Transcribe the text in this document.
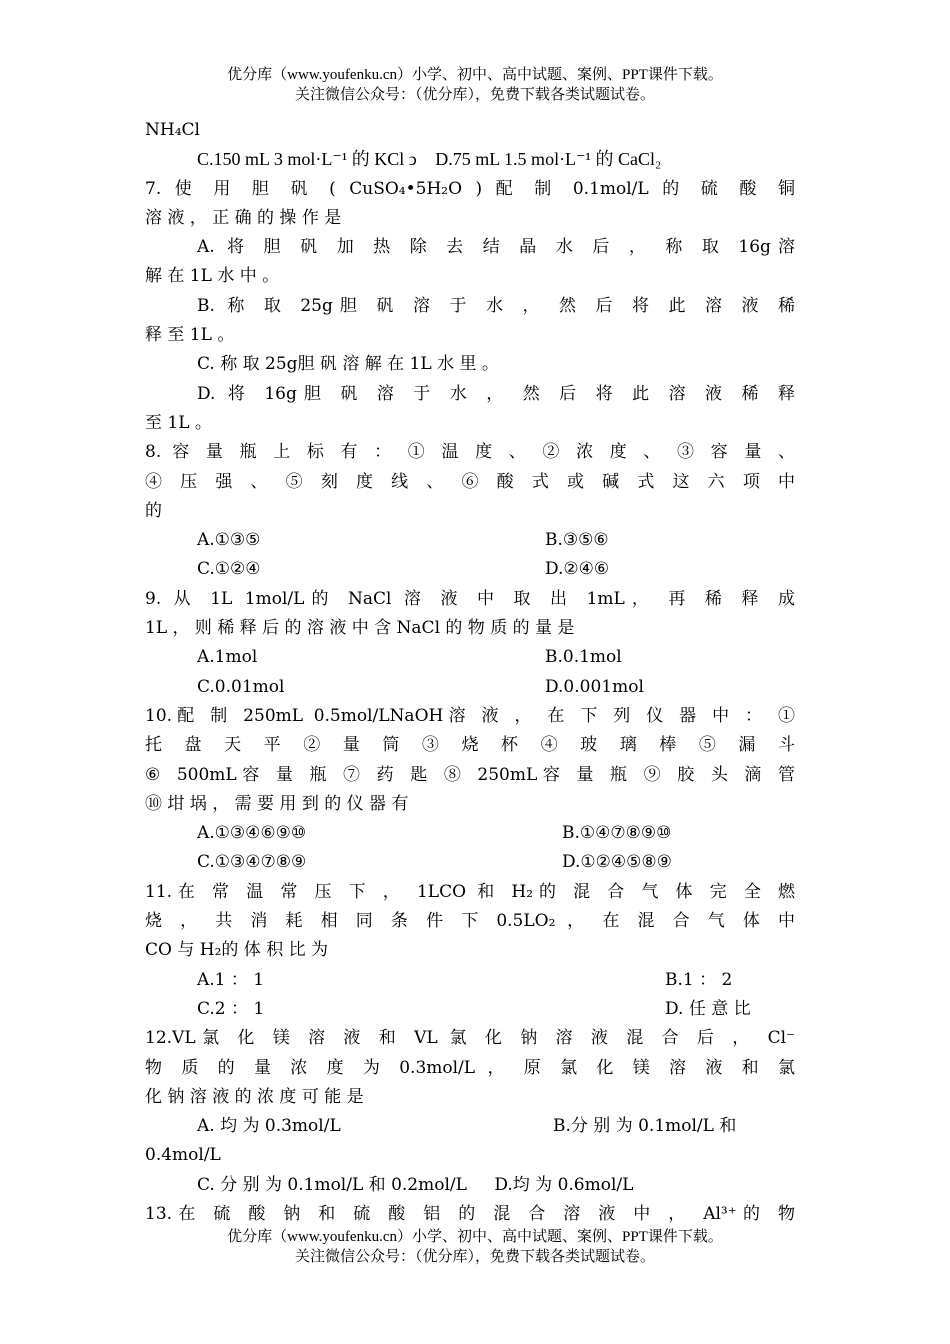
优分库（www.youfenku.cn）小学、初中、高中试题、案例、PPT课件下载。
关注微信公众号：（优分库），免费下载各类试题试卷。
NH₄Cl
C.150 mL 3 mol·L⁻¹ 的 KCl ↄ D.75 mL 1.5 mol·L⁻¹ 的 CaCl₂
7. 使 用 胆 矾 ( CuSO₄•5H₂O ) 配 制 0.1mol/L 的 硫 酸 铜
溶 液 ， 正 确 的 操 作 是
A. 将 胆 矾 加 热 除 去 结 晶 水 后 ， 称 取 16g溶
解 在 1L 水 中 。
B. 称 取 25g胆 矾 溶 于 水 ， 然 后 将 此 溶 液 稀
释 至 1L 。
C. 称 取 25g胆 矾 溶 解 在 1L 水 里 。
D. 将 16g胆 矾 溶 于 水 ， 然 后 将 此 溶 液 稀 释
至 1L 。
8. 容 量 瓶 上 标 有 ： ① 温 度 、 ② 浓 度 、 ③ 容 量 、
④ 压 强 、 ⑤ 刻 度 线 、 ⑥ 酸 式 或 碱 式 这 六 项 中
的
A.①③⑤	B.③⑤⑥
C.①②④	D.②④⑥
9. 从 1L 1mol/L的 NaCl 溶 液 中 取 出 1mL， 再 稀 释 成
1L ， 则 稀 释 后 的 溶 液 中 含 NaCl 的 物 质 的 量 是
A.1mol	B.0.1mol
C.0.01mol	D.0.001mol
10.配 制 250mL 0.5mol/LNaOH溶 液 ， 在 下 列 仪 器 中 ： ①
托 盘 天 平 ② 量 筒 ③ 烧 杯 ④ 玻 璃 棒 ⑤ 漏 斗
⑥ 500mL容 量 瓶 ⑦ 药 匙 ⑧ 250mL容 量 瓶 ⑨ 胶 头 滴 管
⑩ 坩 埚 ， 需 要 用 到 的 仪 器 有
A.①③④⑥⑨⑩	B.①④⑦⑧⑨⑩
C.①③④⑦⑧⑨	D.①②④⑤⑧⑨
11.在 常 温 常 压 下 ， 1LCO 和 H₂的 混 合 气 体 完 全 燃
烧 ， 共 消 耗 相 同 条 件 下 0.5LO₂ ， 在 混 合 气 体 中
CO 与 H₂的 体 积 比 为
A.1 ： 1	B.1 ： 2
C.2 ： 1	D. 任 意 比
12.VL氯 化 镁 溶 液 和 VL 氯 化 钠 溶 液 混 合 后 ， Cl⁻
物 质 的 量 浓 度 为 0.3mol/L ， 原 氯 化 镁 溶 液 和 氯
化 钠 溶 液 的 浓 度 可 能 是
A. 均 为 0.3mol/L	B.分 别 为 0.1mol/L 和
0.4mol/L
C. 分 别 为 0.1mol/L 和 0.2mol/L D.均 为 0.6mol/L
13.在 硫 酸 钠 和 硫 酸 铝 的 混 合 溶 液 中 ， Al³⁺的 物
优分库（www.youfenku.cn）小学、初中、高中试题、案例、PPT课件下载。
关注微信公众号：（优分库），免费下载各类试题试卷。
